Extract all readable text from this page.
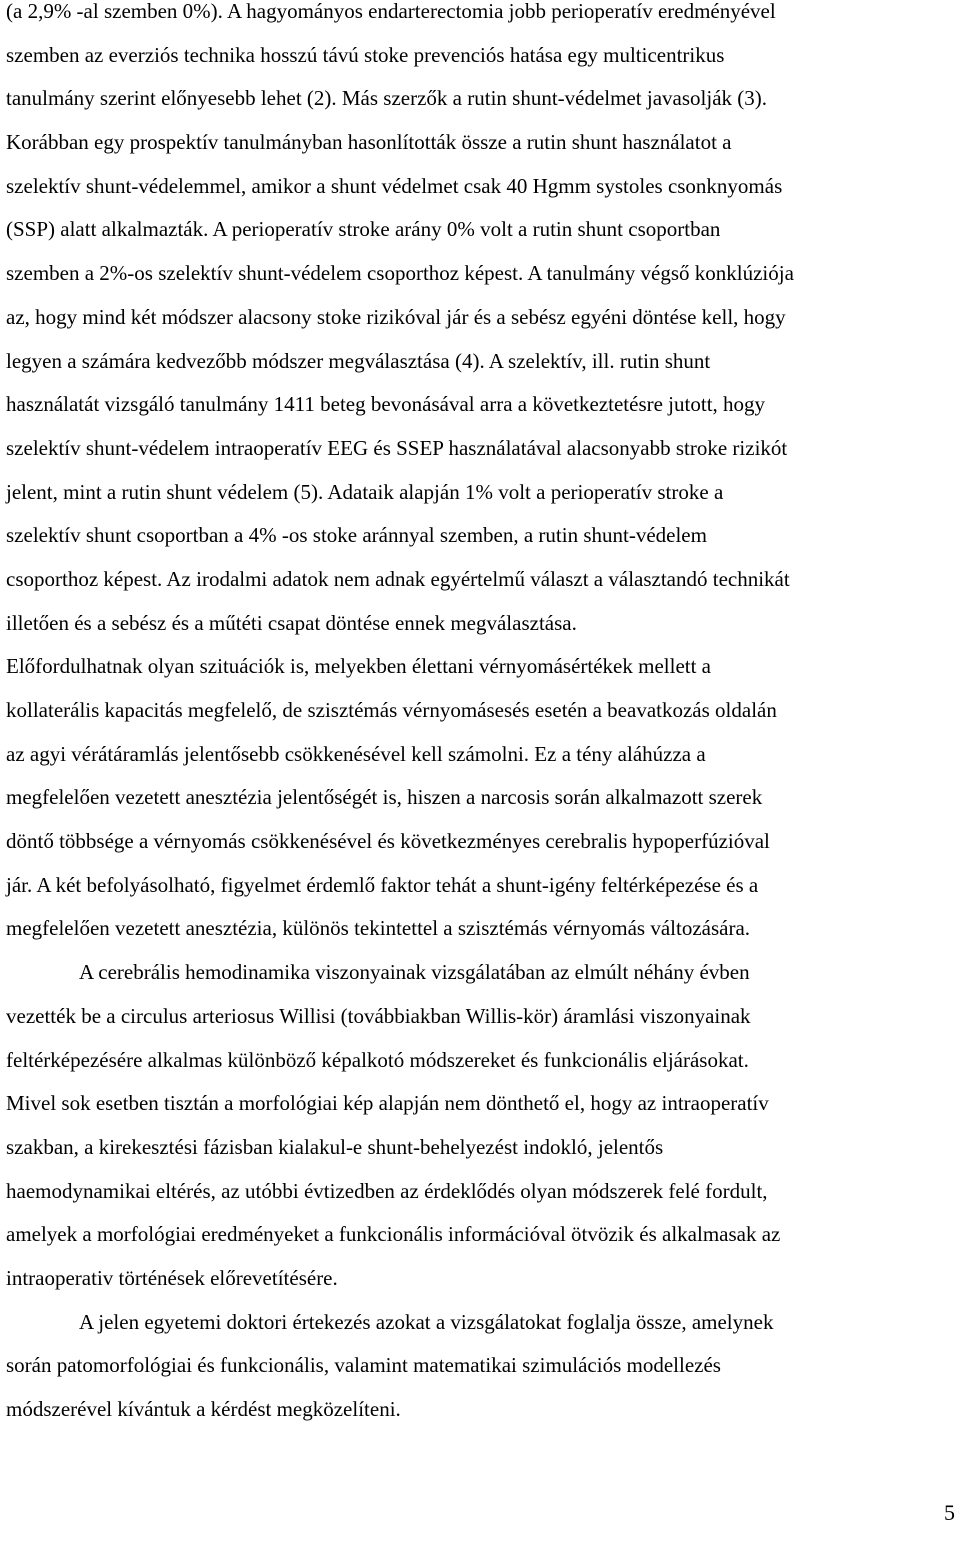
(a 2,9% -al szemben 0%). A hagyományos endarterectomia jobb perioperatív eredményével
szemben az everziós technika hosszú távú stoke prevenciós hatása egy multicentrikus
tanulmány szerint előnyesebb lehet (2). Más szerzők a rutin shunt-védelmet javasolják (3).
Korábban egy prospektív tanulmányban hasonlították össze a rutin shunt használatot a
szelektív shunt-védelemmel, amikor a shunt védelmet csak 40 Hgmm systoles csonknyomás
(SSP) alatt alkalmazták. A perioperatív stroke arány 0% volt a rutin shunt csoportban
szemben a 2%-os szelektív shunt-védelem csoporthoz képest. A tanulmány végső konklúziója
az, hogy mind két módszer alacsony stoke rizikóval jár és a sebész egyéni döntése kell, hogy
legyen a számára kedvezőbb módszer megválasztása (4). A szelektív, ill. rutin shunt
használatát vizsgáló tanulmány 1411 beteg bevonásával arra a következtetésre jutott, hogy
szelektív shunt-védelem intraoperatív EEG és SSEP használatával alacsonyabb stroke rizikót
jelent, mint a rutin shunt védelem (5). Adataik alapján 1% volt a perioperatív stroke a
szelektív shunt csoportban a 4% -os stoke aránnyal szemben, a rutin shunt-védelem
csoporthoz képest. Az irodalmi adatok nem adnak egyértelmű választ a választandó technikát
illetően és a sebész és a műtéti csapat döntése ennek megválasztása.
Előfordulhatnak olyan szituációk is, melyekben élettani vérnyomásértékek mellett a
kollaterális kapacitás megfelelő, de szisztémás vérnyomásesés esetén a beavatkozás oldalán
az agyi vérátáramlás jelentősebb csökkenésével kell számolni. Ez a tény aláhúzza a
megfelelően vezetett anesztézia jelentőségét is, hiszen a narcosis során alkalmazott szerek
döntő többsége a vérnyomás csökkenésével és következményes cerebralis hypoperfúzióval
jár. A két befolyásolható, figyelmet érdemlő faktor tehát a shunt-igény feltérképezése és a
megfelelően vezetett anesztézia, különös tekintettel a szisztémás vérnyomás változására.
A cerebrális hemodinamika viszonyainak vizsgálatában az elmúlt néhány évben
vezették be a circulus arteriosus Willisi (továbbiakban Willis-kör) áramlási viszonyainak
feltérképezésére alkalmas különböző képalkotó módszereket és funkcionális eljárásokat.
Mivel sok esetben tisztán a morfológiai kép alapján nem dönthető el, hogy az intraoperatív
szakban, a kirekesztési fázisban kialakul-e shunt-behelyezést indokló, jelentős
haemodynamikai eltérés, az utóbbi évtizedben az érdeklődés olyan módszerek felé fordult,
amelyek a morfológiai eredményeket a funkcionális információval ötvözik és alkalmasak az
intraoperativ történések előrevetítésére.
A jelen egyetemi doktori értekezés azokat a vizsgálatokat foglalja össze, amelynek
során patomorfológiai és funkcionális, valamint matematikai szimulációs modellezés
módszerével kívántuk a kérdést megközelíteni.
5
